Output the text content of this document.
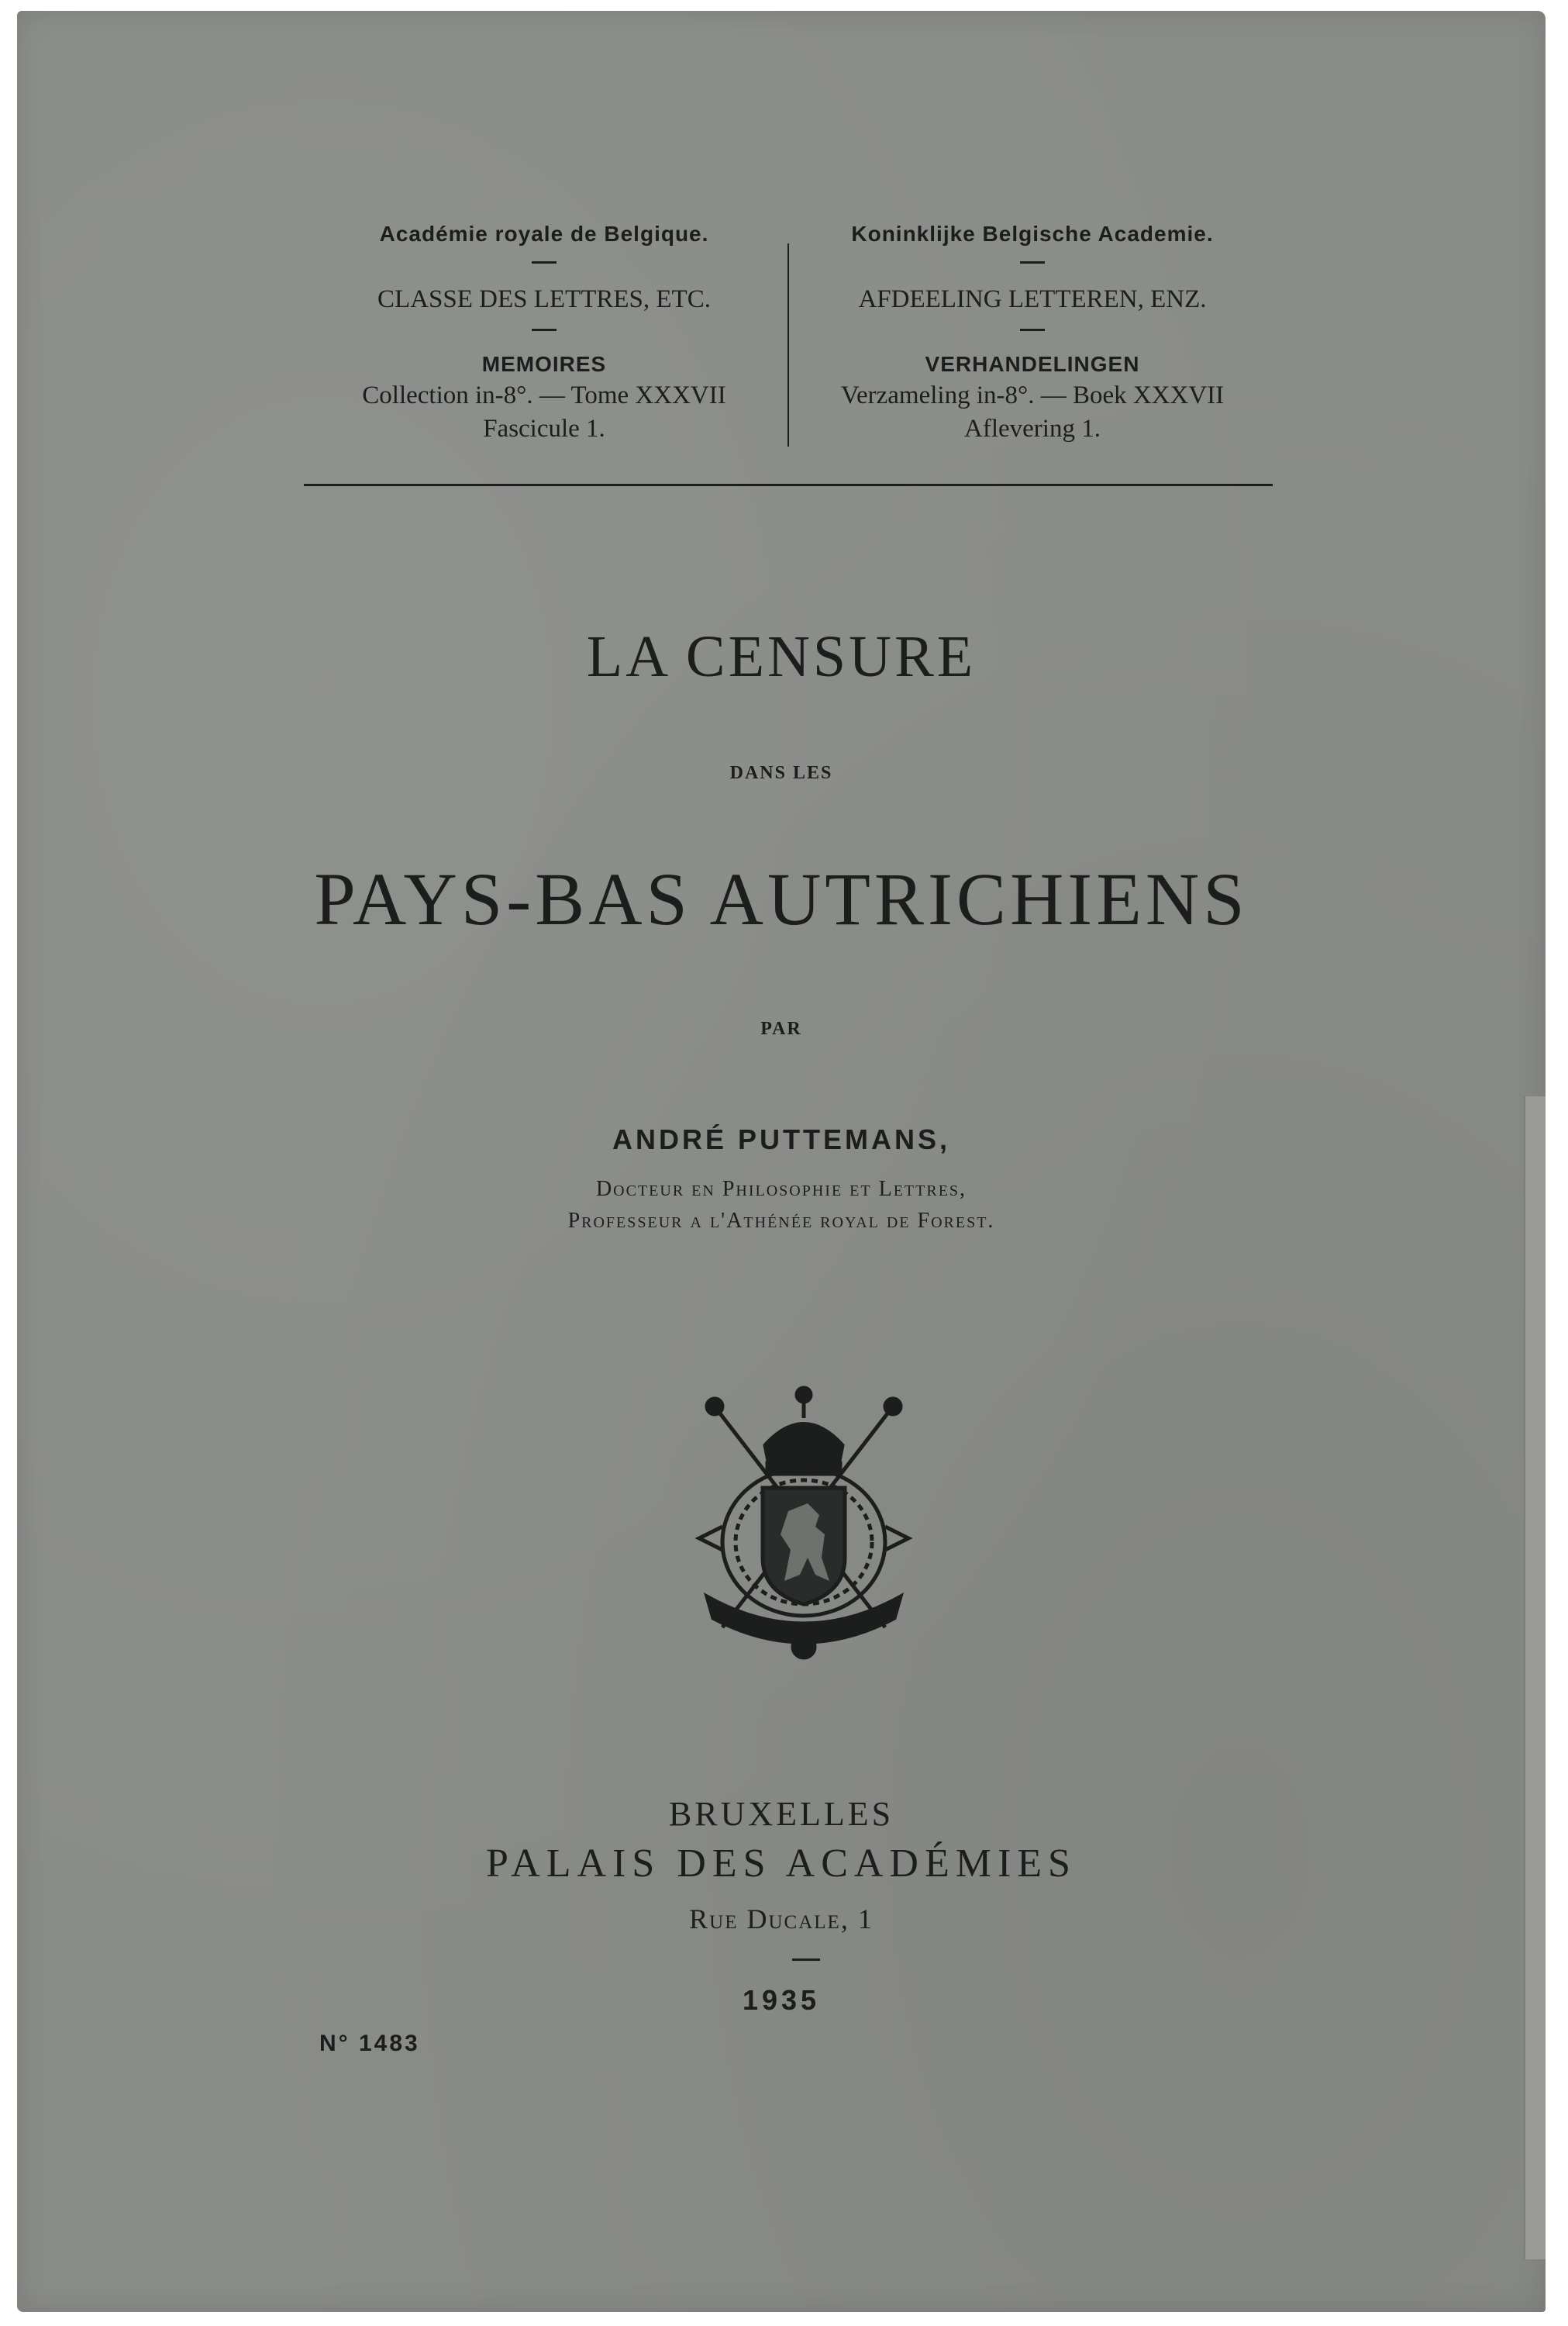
Académie royale de Belgique.
CLASSE DES LETTRES, ETC.
MEMOIRES
Collection in-8°. — Tome XXXVII
Fascicule 1.
Koninklijke Belgische Academie.
AFDEELING LETTEREN, ENZ.
VERHANDELINGEN
Verzameling in-8°. — Boek XXXVII
Aflevering 1.
LA CENSURE
DANS LES
PAYS-BAS AUTRICHIENS
PAR
ANDRÉ PUTTEMANS,
Docteur en Philosophie et Lettres,
Professeur a l'Athénée royal de Forest.
BRUXELLES
PALAIS DES ACADÉMIES
Rue Ducale, 1
1935
N° 1483
